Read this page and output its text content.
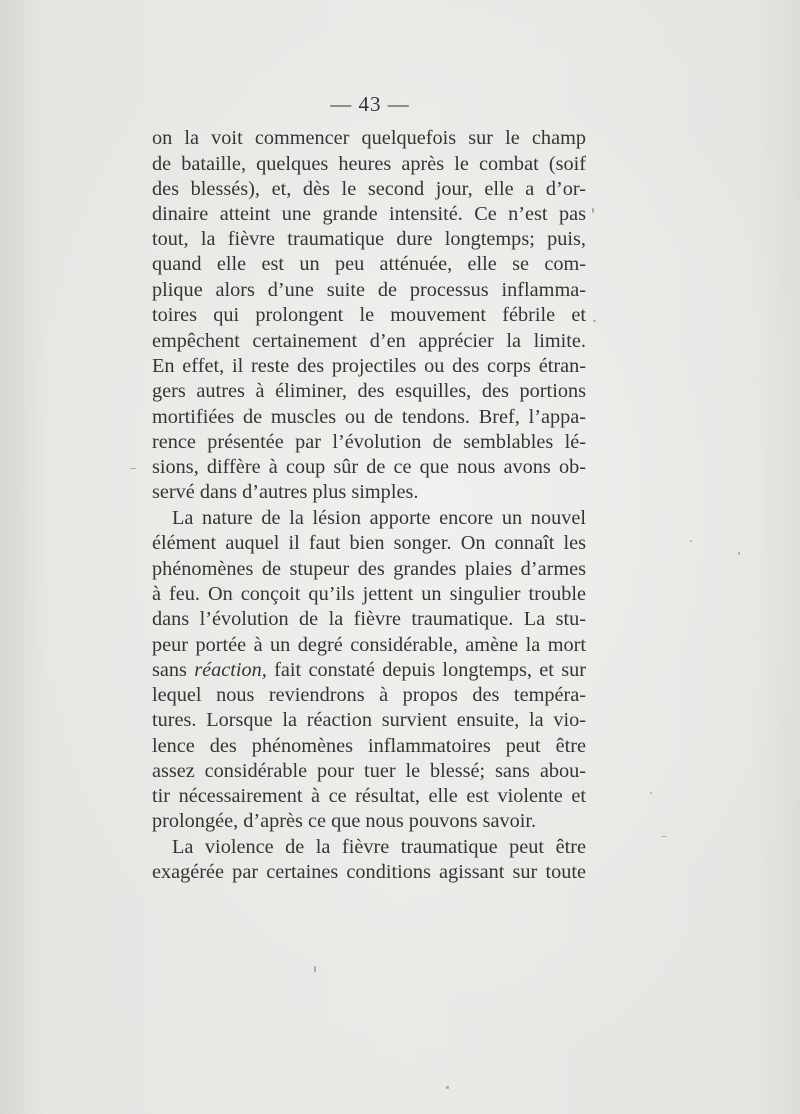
— 43 —
on la voit commencer quelquefois sur le champ
de bataille, quelques heures après le combat (soif
des blessés), et, dès le second jour, elle a d’or-
dinaire atteint une grande intensité. Ce n’est pas
tout, la fièvre traumatique dure longtemps; puis,
quand elle est un peu atténuée, elle se com-
plique alors d’une suite de processus inflamma-
toires qui prolongent le mouvement fébrile et
empêchent certainement d’en apprécier la limite.
En effet, il reste des projectiles ou des corps étran-
gers autres à éliminer, des esquilles, des portions
mortifiées de muscles ou de tendons. Bref, l’appa-
rence présentée par l’évolution de semblables lé-
sions, diffère à coup sûr de ce que nous avons ob-
servé dans d’autres plus simples.
La nature de la lésion apporte encore un nouvel
élément auquel il faut bien songer. On connaît les
phénomènes de stupeur des grandes plaies d’armes
à feu. On conçoit qu’ils jettent un singulier trouble
dans l’évolution de la fièvre traumatique. La stu-
peur portée à un degré considérable, amène la mort
sans réaction, fait constaté depuis longtemps, et sur
lequel nous reviendrons à propos des tempéra-
tures. Lorsque la réaction survient ensuite, la vio-
lence des phénomènes inflammatoires peut être
assez considérable pour tuer le blessé; sans abou-
tir nécessairement à ce résultat, elle est violente et
prolongée, d’après ce que nous pouvons savoir.
La violence de la fièvre traumatique peut être
exagérée par certaines conditions agissant sur toute
